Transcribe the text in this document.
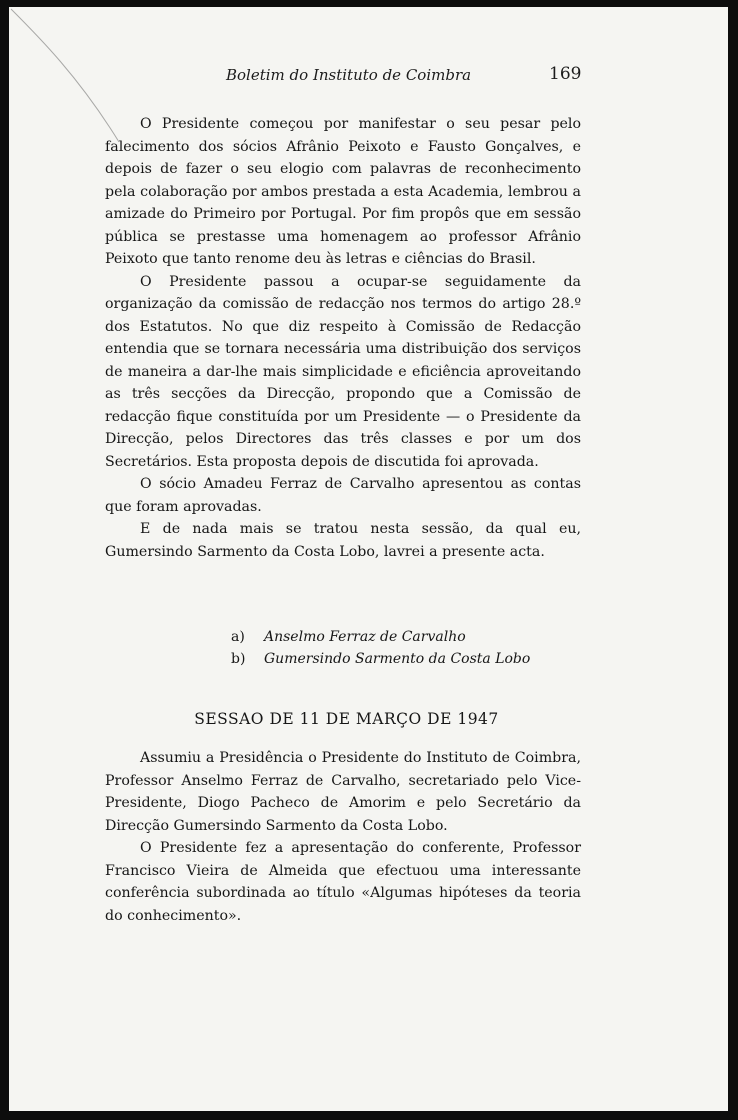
Boletim do Instituto de Coimbra	169

O Presidente começou por manifestar o seu pesar pelo falecimento dos sócios Afrânio Peixoto e Fausto Gonçalves, e depois de fazer o seu elogio com palavras de reconhecimento pela colaboração por ambos prestada a esta Academia, lembrou a amizade do Primeiro por Portugal. Por fim propôs que em sessão pública se prestasse uma homenagem ao professor Afrânio Peixoto que tanto renome deu às letras e ciências do Brasil.

O Presidente passou a ocupar-se seguidamente da organização da comissão de redacção nos termos do artigo 28.º dos Estatutos. No que diz respeito à Comissão de Redacção entendia que se tornara necessária uma distribuição dos serviços de maneira a dar-lhe mais simplicidade e eficiência aproveitando as três secções da Direcção, propondo que a Comissão de redacção fique constituída por um Presidente — o Presidente da Direcção, pelos Directores das três classes e por um dos Secretários. Esta proposta depois de discutida foi aprovada.

O sócio Amadeu Ferraz de Carvalho apresentou as contas que foram aprovadas.

E de nada mais se tratou nesta sessão, da qual eu, Gumersindo Sarmento da Costa Lobo, lavrei a presente acta.

a) Anselmo Ferraz de Carvalho
b) Gumersindo Sarmento da Costa Lobo
SESSAO DE 11 DE MARÇO DE 1947

Assumiu a Presidência o Presidente do Instituto de Coimbra, Professor Anselmo Ferraz de Carvalho, secretariado pelo Vice-Presidente, Diogo Pacheco de Amorim e pelo Secretário da Direcção Gumersindo Sarmento da Costa Lobo.

O Presidente fez a apresentação do conferente, Professor Francisco Vieira de Almeida que efectuou uma interessante conferência subordinada ao título «Algumas hipóteses da teoria do conhecimento».
